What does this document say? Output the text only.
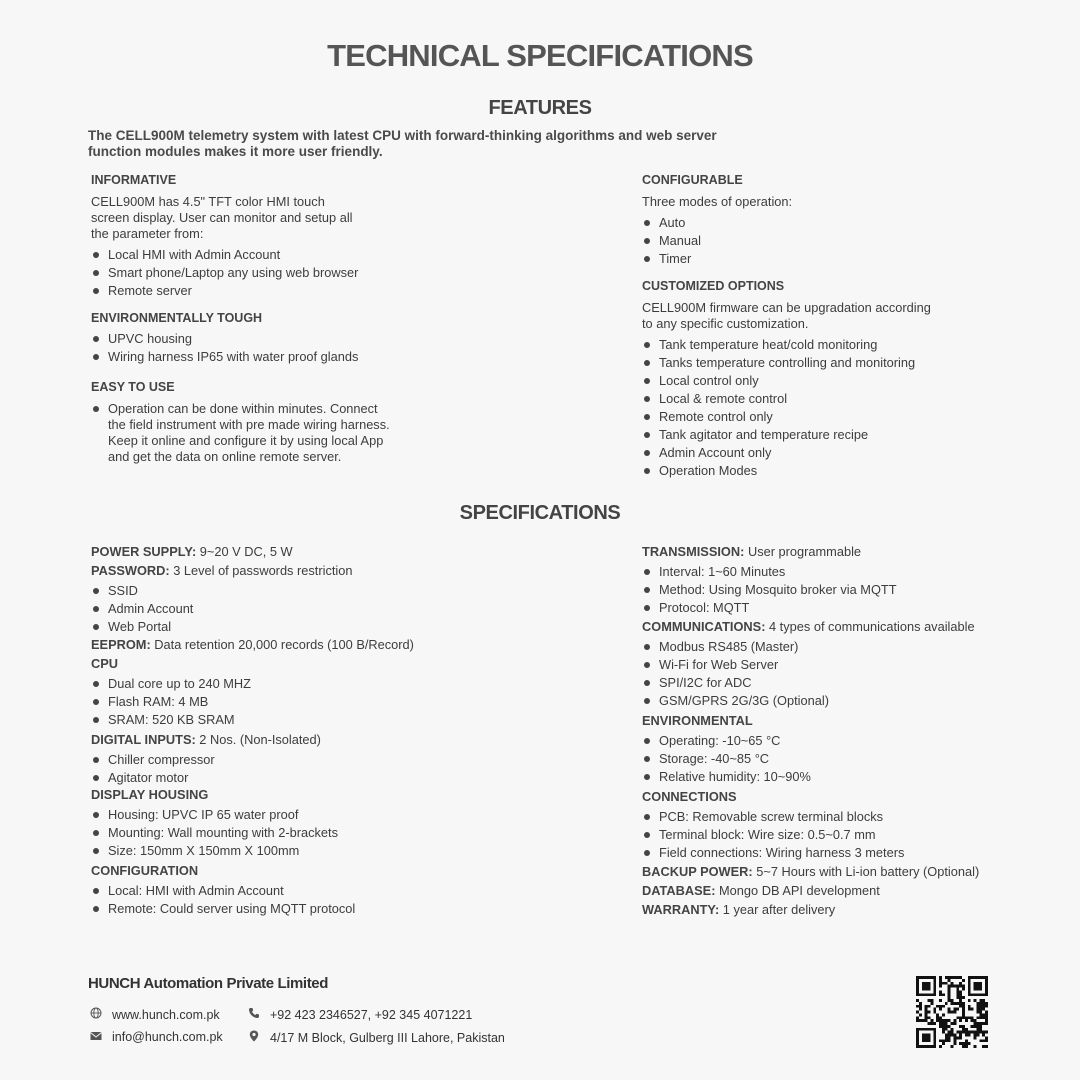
TECHNICAL SPECIFICATIONS
FEATURES
The CELL900M telemetry system with latest CPU with forward-thinking algorithms and web server function modules makes it more user friendly.

INFORMATIVE

CELL900M has 4.5" TFT color HMI touch screen display. User can monitor and setup all the parameter from:

Local HMI with Admin Account
Smart phone/Laptop any using web browser
Remote server

ENVIRONMENTALLY TOUGH

UPVC housing
Wiring harness IP65 with water proof glands

EASY TO USE

Operation can be done within minutes. Connect the field instrument with pre made wiring harness. Keep it online and configure it by using local App and get the data on online remote server.

CONFIGURABLE

Three modes of operation:

Auto
Manual
Timer

CUSTOMIZED OPTIONS

CELL900M firmware can be upgradation according to any specific customization.

Tank temperature heat/cold monitoring
Tanks temperature controlling and monitoring
Local control only
Local & remote control
Remote control only
Tank agitator and temperature recipe
Admin Account only
Operation Modes
SPECIFICATIONS

POWER SUPPLY: 9~20 V DC, 5 W

PASSWORD: 3 Level of passwords restriction

SSID
Admin Account
Web Portal

EEPROM: Data retention 20,000 records (100 B/Record)

CPU

Dual core up to 240 MHZ
Flash RAM: 4 MB
SRAM: 520 KB SRAM

DIGITAL INPUTS: 2 Nos. (Non-Isolated)

Chiller compressor
Agitator motor

DISPLAY HOUSING

Housing: UPVC IP 65 water proof
Mounting: Wall mounting with 2-brackets
Size: 150mm X 150mm X 100mm

CONFIGURATION

Local: HMI with Admin Account
Remote: Could server using MQTT protocol

TRANSMISSION: User programmable

Interval: 1~60 Minutes
Method: Using Mosquito broker via MQTT
Protocol: MQTT

COMMUNICATIONS: 4 types of communications available

Modbus RS485 (Master)
Wi-Fi for Web Server
SPI/I2C for ADC
GSM/GPRS 2G/3G (Optional)

ENVIRONMENTAL

Operating: -10~65 °C
Storage: -40~85 °C
Relative humidity: 10~90%

CONNECTIONS

PCB: Removable screw terminal blocks
Terminal block: Wire size: 0.5~0.7 mm
Field connections: Wiring harness 3 meters

BACKUP POWER: 5~7 Hours with Li-ion battery (Optional)

DATABASE: Mongo DB API development

WARRANTY: 1 year after delivery

HUNCH Automation Private Limited
www.hunch.com.pk
info@hunch.com.pk
+92 423 2346527, +92 345 4071221
4/17 M Block, Gulberg III Lahore, Pakistan
